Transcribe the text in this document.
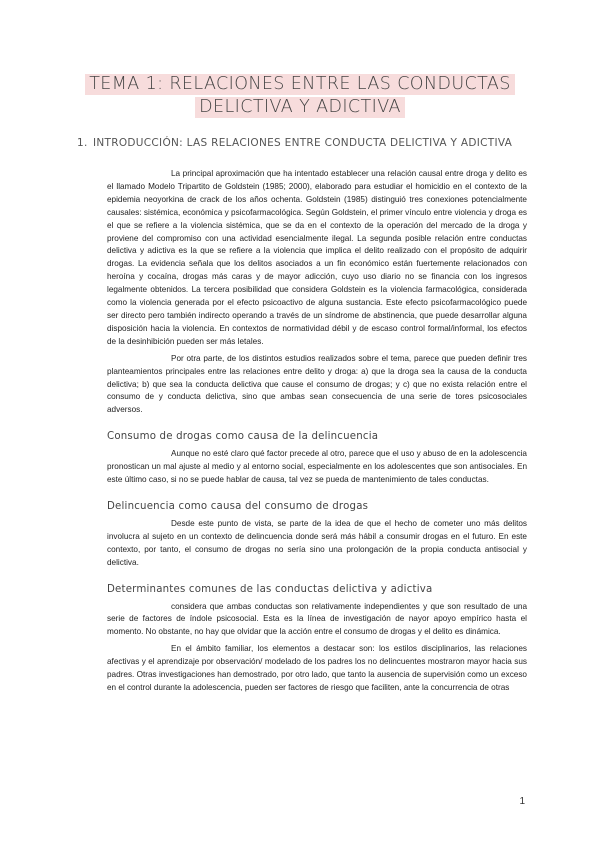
TEMA 1: RELACIONES ENTRE LAS CONDUCTAS
DELICTIVA Y ADICTIVA
1. INTRODUCCIÓN: LAS RELACIONES ENTRE CONDUCTA DELICTIVA Y ADICTIVA

La principal aproximación que ha intentado establecer una relación causal entre droga y delito es el llamado Modelo Tripartito de Goldstein (1985; 2000), elaborado para estudiar el homicidio en el contexto de la epidemia neoyorkina de crack de los años ochenta. Goldstein (1985) distinguió tres conexiones potencialmente causales: sistémica, económica y psicofarmacológica. Según Goldstein, el primer vínculo entre violencia y droga es el que se refiere a la violencia sistémica, que se da en el contexto de la operación del mercado de la droga y proviene del compromiso con una actividad esencialmente ilegal. La segunda posible relación entre conductas delictiva y adictiva es la que se refiere a la violencia que implica el delito realizado con el propósito de adquirir drogas. La evidencia señala que los delitos asociados a un fin económico están fuertemente relacionados con heroína y cocaína, drogas más caras y de mayor adicción, cuyo uso diario no se financia con los ingresos legalmente obtenidos. La tercera posibilidad que considera Goldstein es la violencia farmacológica, considerada como la violencia generada por el efecto psicoactivo de alguna sustancia. Este efecto psicofarmacológico puede ser directo pero también indirecto operando a través de un síndrome de abstinencia, que puede desarrollar alguna disposición hacia la violencia. En contextos de normatividad débil y de escaso control formal/informal, los efectos de la desinhibición pueden ser más letales.

Por otra parte, de los distintos estudios realizados sobre el tema, parece que pueden definir tres planteamientos principales entre las relaciones entre delito y droga: a) que la droga sea la causa de la conducta delictiva; b) que sea la conducta delictiva que cause el consumo de drogas; y c) que no exista relación entre el consumo de y conducta delictiva, sino que ambas sean consecuencia de una serie de tores psicosociales adversos.

Consumo de drogas como causa de la delincuencia

Aunque no esté claro qué factor precede al otro, parece que el uso y abuso de en la adolescencia pronostican un mal ajuste al medio y al entorno social, especialmente en los adolescentes que son antisociales. En este último caso, si no se puede hablar de causa, tal vez se pueda de mantenimiento de tales conductas.

Delincuencia como causa del consumo de drogas

Desde este punto de vista, se parte de la idea de que el hecho de cometer uno más delitos involucra al sujeto en un contexto de delincuencia donde será más hábil a consumir drogas en el futuro. En este contexto, por tanto, el consumo de drogas no sería sino una prolongación de la propia conducta antisocial y delictiva.

Determinantes comunes de las conductas delictiva y adictiva

considera que ambas conductas son relativamente independientes y que son resultado de una serie de factores de índole psicosocial. Esta es la línea de investigación de nayor apoyo empírico hasta el momento. No obstante, no hay que olvidar que la acción entre el consumo de drogas y el delito es dinámica.

En el ámbito familiar, los elementos a destacar son: los estilos disciplinarios, las relaciones afectivas y el aprendizaje por observación/ modelado de los padres los no delincuentes mostraron mayor hacia sus padres. Otras investigaciones han demostrado, por otro lado, que tanto la ausencia de supervisión como un exceso en el control durante la adolescencia, pueden ser factores de riesgo que faciliten, ante la concurrencia de otras

1
